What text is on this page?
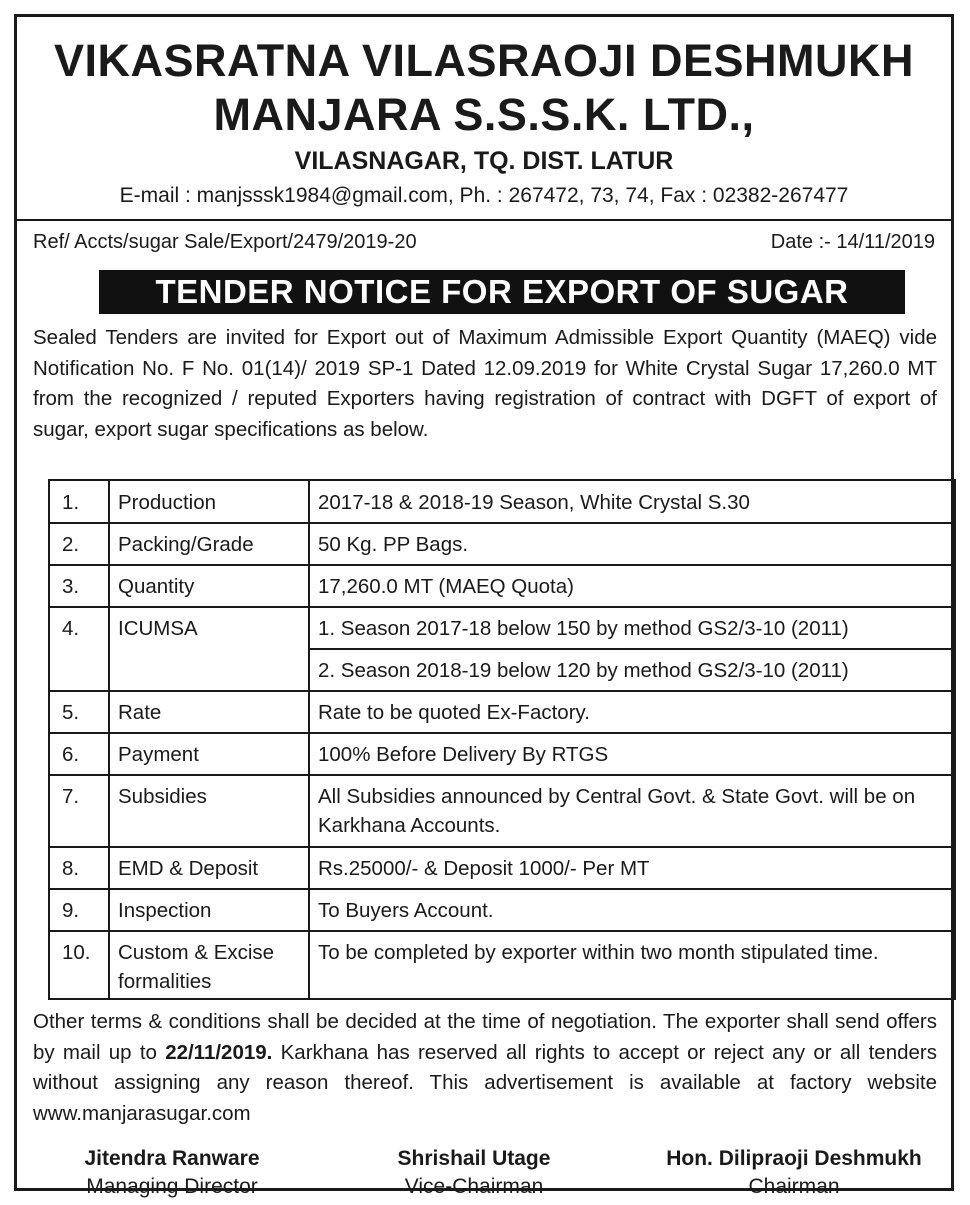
VIKASRATNA VILASRAOJI DESHMUKH
MANJARA S.S.S.K. LTD.,
VILASNAGAR, TQ. DIST. LATUR
E-mail : manjsssk1984@gmail.com, Ph. : 267472, 73, 74, Fax : 02382-267477
Ref/ Accts/sugar Sale/Export/2479/2019-20	Date :- 14/11/2019
TENDER NOTICE FOR EXPORT OF SUGAR
Sealed Tenders are invited for Export out of Maximum Admissible Export Quantity (MAEQ) vide Notification No. F No. 01(14)/ 2019 SP-1 Dated 12.09.2019 for White Crystal Sugar 17,260.0 MT from the recognized / reputed Exporters having registration of contract with DGFT of export of sugar, export sugar specifications as below.
1.	Production	2017-18 & 2018-19 Season, White Crystal S.30
2.	Packing/Grade	50 Kg. PP Bags.
3.	Quantity	17,260.0 MT (MAEQ Quota)
4.	ICUMSA	1. Season 2017-18 below 150 by method GS2/3-10 (2011)
		2. Season 2018-19 below 120 by method GS2/3-10 (2011)
5.	Rate	Rate to be quoted Ex-Factory.
6.	Payment	100% Before Delivery By RTGS
7.	Subsidies	All Subsidies announced by Central Govt. & State Govt. will be on Karkhana Accounts.
8.	EMD & Deposit	Rs.25000/- & Deposit 1000/- Per MT
9.	Inspection	To Buyers Account.
10.	Custom & Excise formalities	To be completed by exporter within two month stipulated time.
Other terms & conditions shall be decided at the time of negotiation. The exporter shall send offers by mail up to 22/11/2019. Karkhana has reserved all rights to accept or reject any or all tenders without assigning any reason thereof. This advertisement is available at factory website www.manjarasugar.com
Jitendra Ranware
Managing Director
Shrishail Utage
Vice-Chairman
Hon. Dilipraoji Deshmukh
Chairman
